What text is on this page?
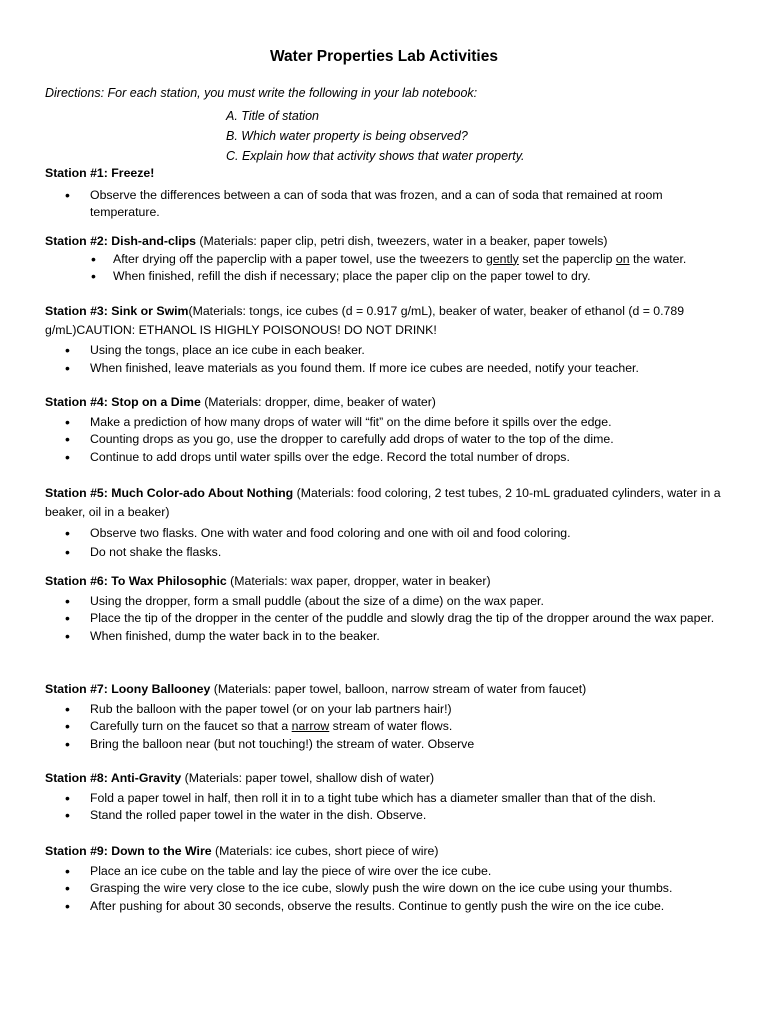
Water Properties Lab Activities
Directions: For each station, you must write the following in your lab notebook:
A. Title of station
B. Which water property is being observed?
C. Explain how that activity shows that water property.

Station #1: Freeze!

• Observe the differences between a can of soda that was frozen, and a can of soda that remained at room temperature.

Station #2: Dish-and-clips (Materials: paper clip, petri dish, tweezers, water in a beaker, paper towels)

• After drying off the paperclip with a paper towel, use the tweezers to gently set the paperclip on the water.
• When finished, refill the dish if necessary; place the paper clip on the paper towel to dry.

Station #3: Sink or Swim(Materials: tongs, ice cubes (d = 0.917 g/mL), beaker of water, beaker of ethanol (d = 0.789 g/mL)CAUTION: ETHANOL IS HIGHLY POISONOUS! DO NOT DRINK!

• Using the tongs, place an ice cube in each beaker.
• When finished, leave materials as you found them. If more ice cubes are needed, notify your teacher.

Station #4: Stop on a Dime (Materials: dropper, dime, beaker of water)

• Make a prediction of how many drops of water will “fit” on the dime before it spills over the edge.
• Counting drops as you go, use the dropper to carefully add drops of water to the top of the dime.
• Continue to add drops until water spills over the edge. Record the total number of drops.

Station #5: Much Color-ado About Nothing (Materials: food coloring, 2 test tubes, 2 10-mL graduated cylinders, water in a beaker, oil in a beaker)

• Observe two flasks. One with water and food coloring and one with oil and food coloring.
• Do not shake the flasks.

Station #6: To Wax Philosophic (Materials: wax paper, dropper, water in beaker)

• Using the dropper, form a small puddle (about the size of a dime) on the wax paper.
• Place the tip of the dropper in the center of the puddle and slowly drag the tip of the dropper around the wax paper.
• When finished, dump the water back in to the beaker.

Station #7: Loony Ballooney (Materials: paper towel, balloon, narrow stream of water from faucet)

• Rub the balloon with the paper towel (or on your lab partners hair!)
• Carefully turn on the faucet so that a narrow stream of water flows.
• Bring the balloon near (but not touching!) the stream of water. Observe

Station #8: Anti-Gravity (Materials: paper towel, shallow dish of water)

• Fold a paper towel in half, then roll it in to a tight tube which has a diameter smaller than that of the dish.
• Stand the rolled paper towel in the water in the dish. Observe.

Station #9: Down to the Wire (Materials: ice cubes, short piece of wire)

• Place an ice cube on the table and lay the piece of wire over the ice cube.
• Grasping the wire very close to the ice cube, slowly push the wire down on the ice cube using your thumbs.
• After pushing for about 30 seconds, observe the results. Continue to gently push the wire on the ice cube.
